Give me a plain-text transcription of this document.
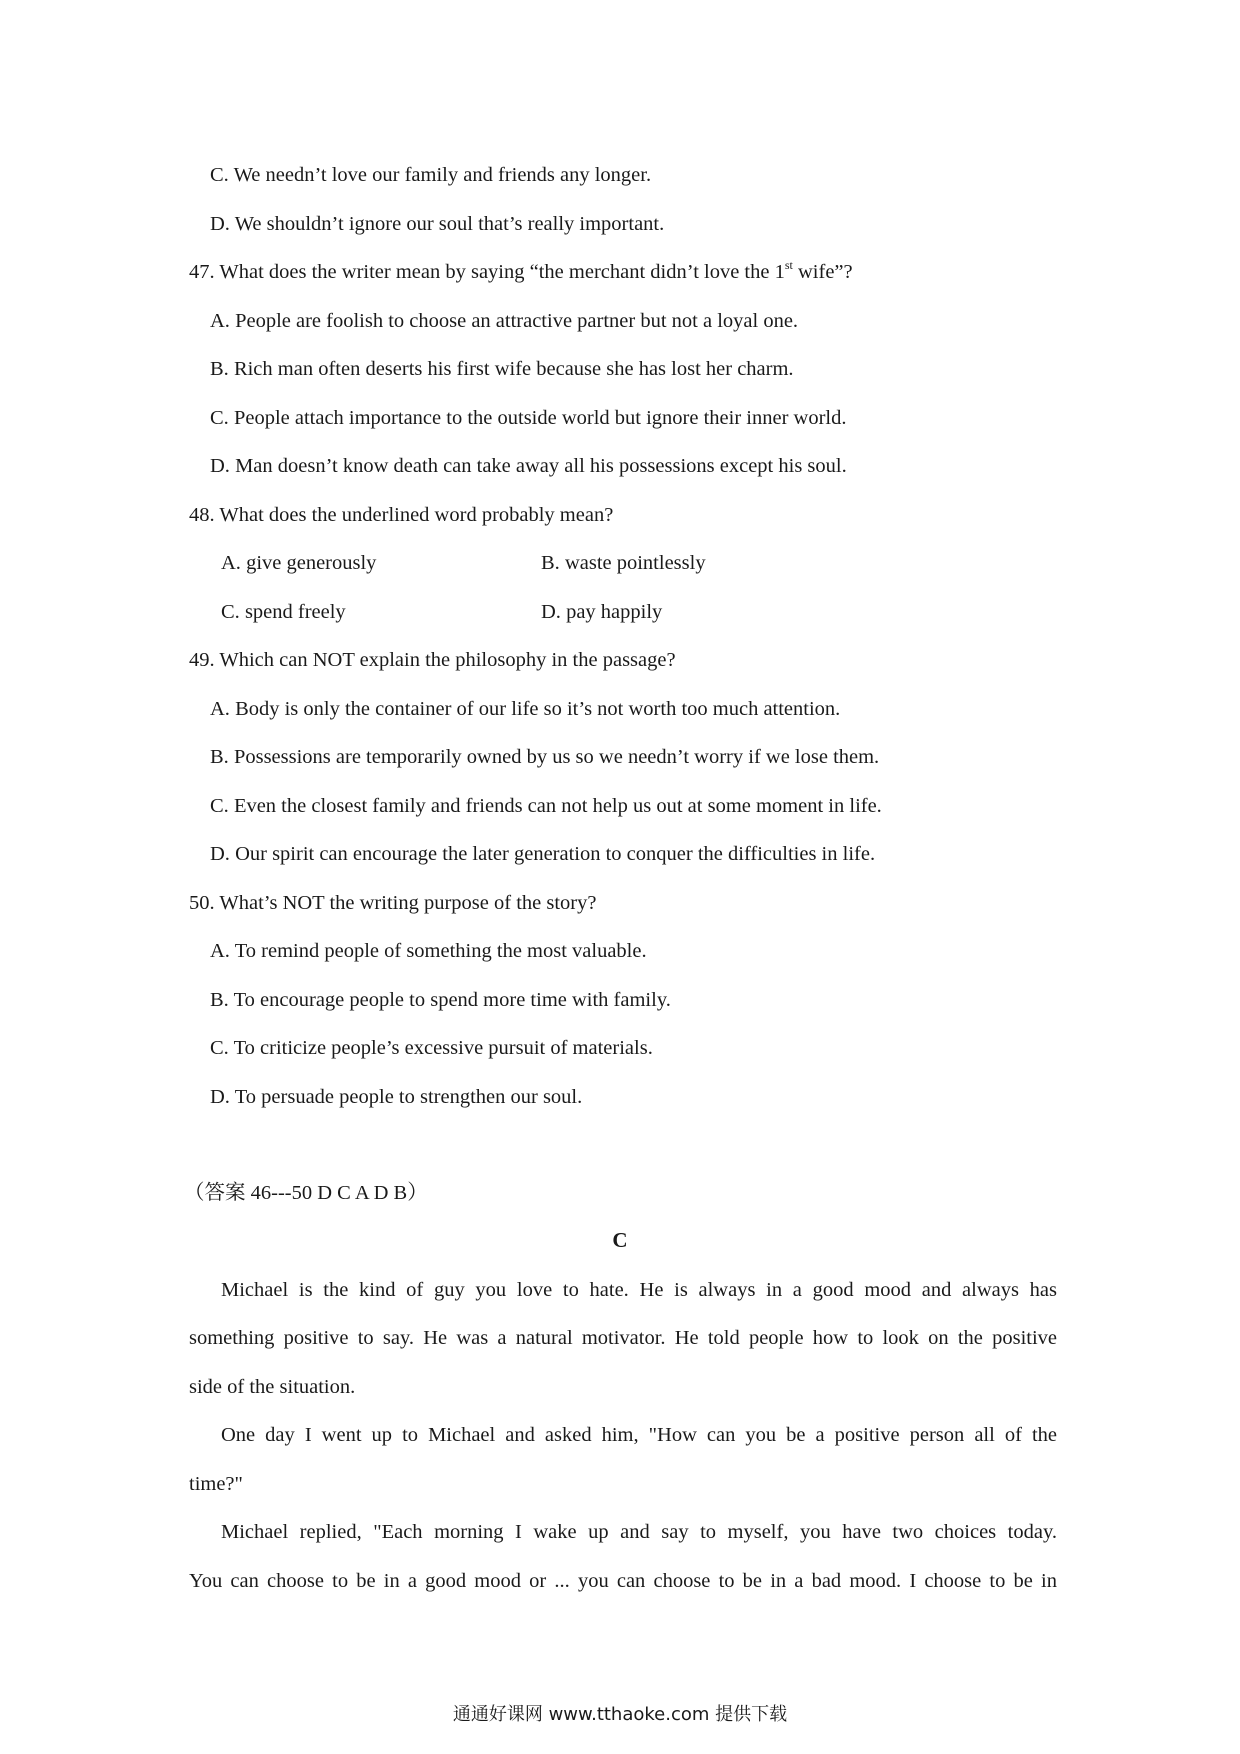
C. We needn’t love our family and friends any longer.
D. We shouldn’t ignore our soul that’s really important.
47. What does the writer mean by saying “the merchant didn’t love the 1st wife”?
A. People are foolish to choose an attractive partner but not a loyal one.
B. Rich man often deserts his first wife because she has lost her charm.
C. People attach importance to the outside world but ignore their inner world.
D. Man doesn’t know death can take away all his possessions except his soul.
48. What does the underlined word probably mean?
A. give generously	B. waste pointlessly
C. spend freely	D. pay happily
49. Which can NOT explain the philosophy in the passage?
A. Body is only the container of our life so it’s not worth too much attention.
B. Possessions are temporarily owned by us so we needn’t worry if we lose them.
C. Even the closest family and friends can not help us out at some moment in life.
D. Our spirit can encourage the later generation to conquer the difficulties in life.
50. What’s NOT the writing purpose of the story?
A. To remind people of something the most valuable.
B. To encourage people to spend more time with family.
C. To criticize people’s excessive pursuit of materials.
D. To persuade people to strengthen our soul.
（答案 46---50 D C A D B）
C
Michael is the kind of guy you love to hate. He is always in a good mood and always has
something positive to say. He was a natural motivator. He told people how to look on the positive
side of the situation.
One day I went up to Michael and asked him, "How can you be a positive person all of the
time?"
Michael replied, "Each morning I wake up and say to myself, you have two choices today.
You can choose to be in a good mood or ... you can choose to be in a bad mood. I choose to be in
通通好课网 www.tthaoke.com 提供下载
